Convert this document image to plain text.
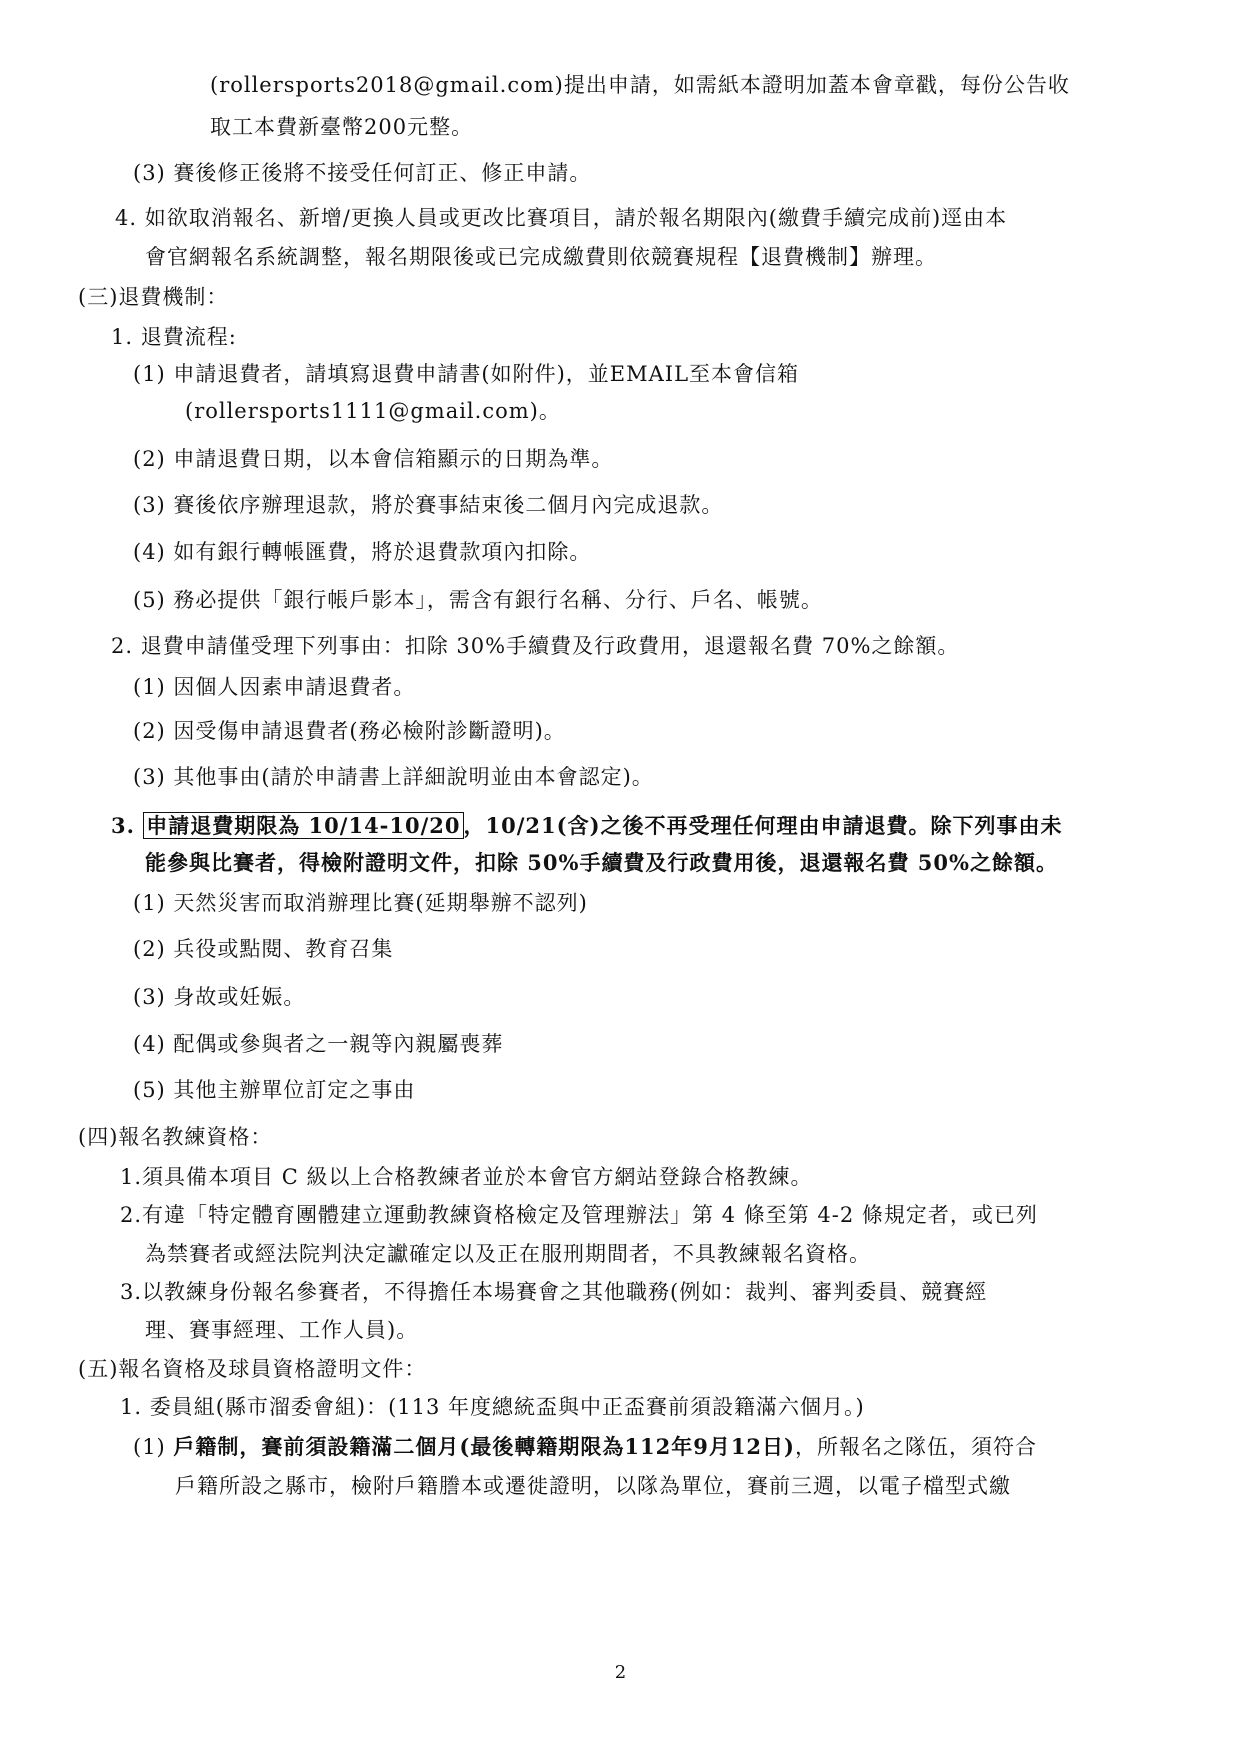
(rollersports2018@gmail.com)提出申請，如需紙本證明加蓋本會章戳，每份公告收
取工本費新臺幣200元整。
(3) 賽後修正後將不接受任何訂正、修正申請。
4. 如欲取消報名、新增/更換人員或更改比賽項目，請於報名期限內(繳費手續完成前)逕由本
會官網報名系統調整，報名期限後或已完成繳費則依競賽規程【退費機制】辦理。
(三)退費機制：
1. 退費流程:
(1) 申請退費者，請填寫退費申請書(如附件)，並EMAIL至本會信箱
(rollersports1111@gmail.com)。
(2) 申請退費日期，以本會信箱顯示的日期為準。
(3) 賽後依序辦理退款，將於賽事結束後二個月內完成退款。
(4) 如有銀行轉帳匯費，將於退費款項內扣除。
(5) 務必提供「銀行帳戶影本」，需含有銀行名稱、分行、戶名、帳號。
2. 退費申請僅受理下列事由：扣除 30%手續費及行政費用，退還報名費 70%之餘額。
(1) 因個人因素申請退費者。
(2) 因受傷申請退費者(務必檢附診斷證明)。
(3) 其他事由(請於申請書上詳細說明並由本會認定)。
3. 申請退費期限為 10/14-10/20 ，10/21(含)之後不再受理任何理由申請退費。除下列事由未
能參與比賽者，得檢附證明文件，扣除 50%手續費及行政費用後，退還報名費 50%之餘額。
(1) 天然災害而取消辦理比賽(延期舉辦不認列)
(2) 兵役或點閱、教育召集
(3) 身故或妊娠。
(4) 配偶或參與者之一親等內親屬喪葬
(5) 其他主辦單位訂定之事由
(四)報名教練資格：
1.須具備本項目 C 級以上合格教練者並於本會官方網站登錄合格教練。
2.有違「特定體育團體建立運動教練資格檢定及管理辦法」第 4 條至第 4-2 條規定者，或已列
為禁賽者或經法院判決定讞確定以及正在服刑期間者，不具教練報名資格。
3.以教練身份報名參賽者，不得擔任本場賽會之其他職務(例如：裁判、審判委員、競賽經
理、賽事經理、工作人員)。
(五)報名資格及球員資格證明文件：
1. 委員組(縣市溜委會組)：(113 年度總統盃與中正盃賽前須設籍滿六個月。)
(1) 戶籍制，賽前須設籍滿二個月(最後轉籍期限為112年9月12日)，所報名之隊伍，須符合
戶籍所設之縣市，檢附戶籍謄本或遷徙證明，以隊為單位，賽前三週，以電子檔型式繳
2
